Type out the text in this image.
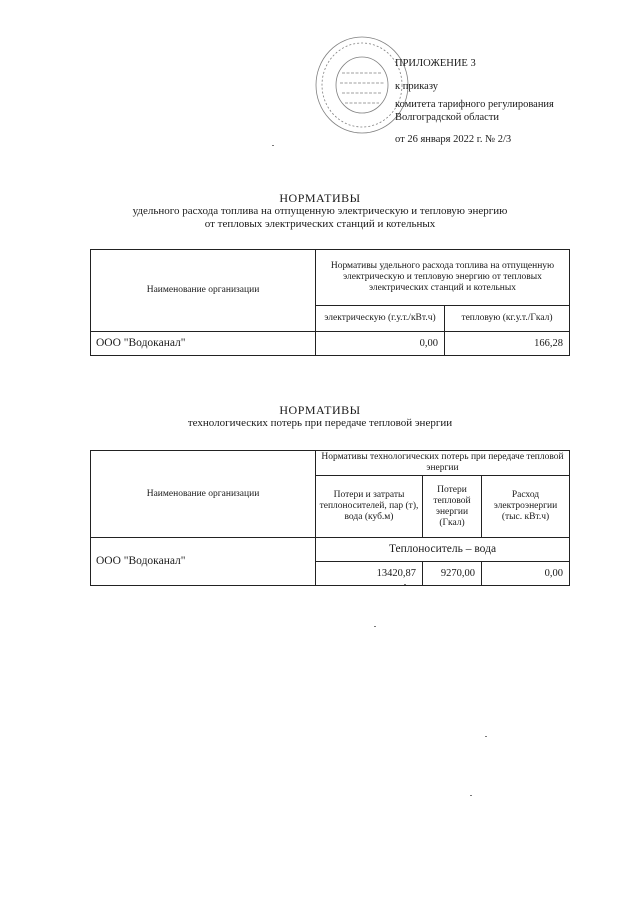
ПРИЛОЖЕНИЕ 3
к приказу
комитета тарифного регулирования
Волгоградской области
от 26 января 2022 г. № 2/3
НОРМАТИВЫ
удельного расхода топлива на отпущенную электрическую и тепловую энергию
от тепловых электрических станций и котельных
Наименование организации	Нормативы удельного расхода топлива на отпущенную электрическую и тепловую энергию от тепловых электрических станций и котельных	
	электрическую (г.у.т./кВт.ч)	тепловую (кг.у.т./Гкал)
ООО "Водоканал"	0,00	166,28
НОРМАТИВЫ
технологических потерь при передаче тепловой энергии
Наименование организации	Нормативы технологических потерь при передаче тепловой энергии		
	Потери и затраты теплоносителей, пар (т), вода (куб.м)	Потери тепловой энергии (Гкал)	Расход электроэнергии (тыс. кВт.ч)
ООО "Водоканал"	Теплоноситель – вода		
	13420,87	9270,00	0,00
